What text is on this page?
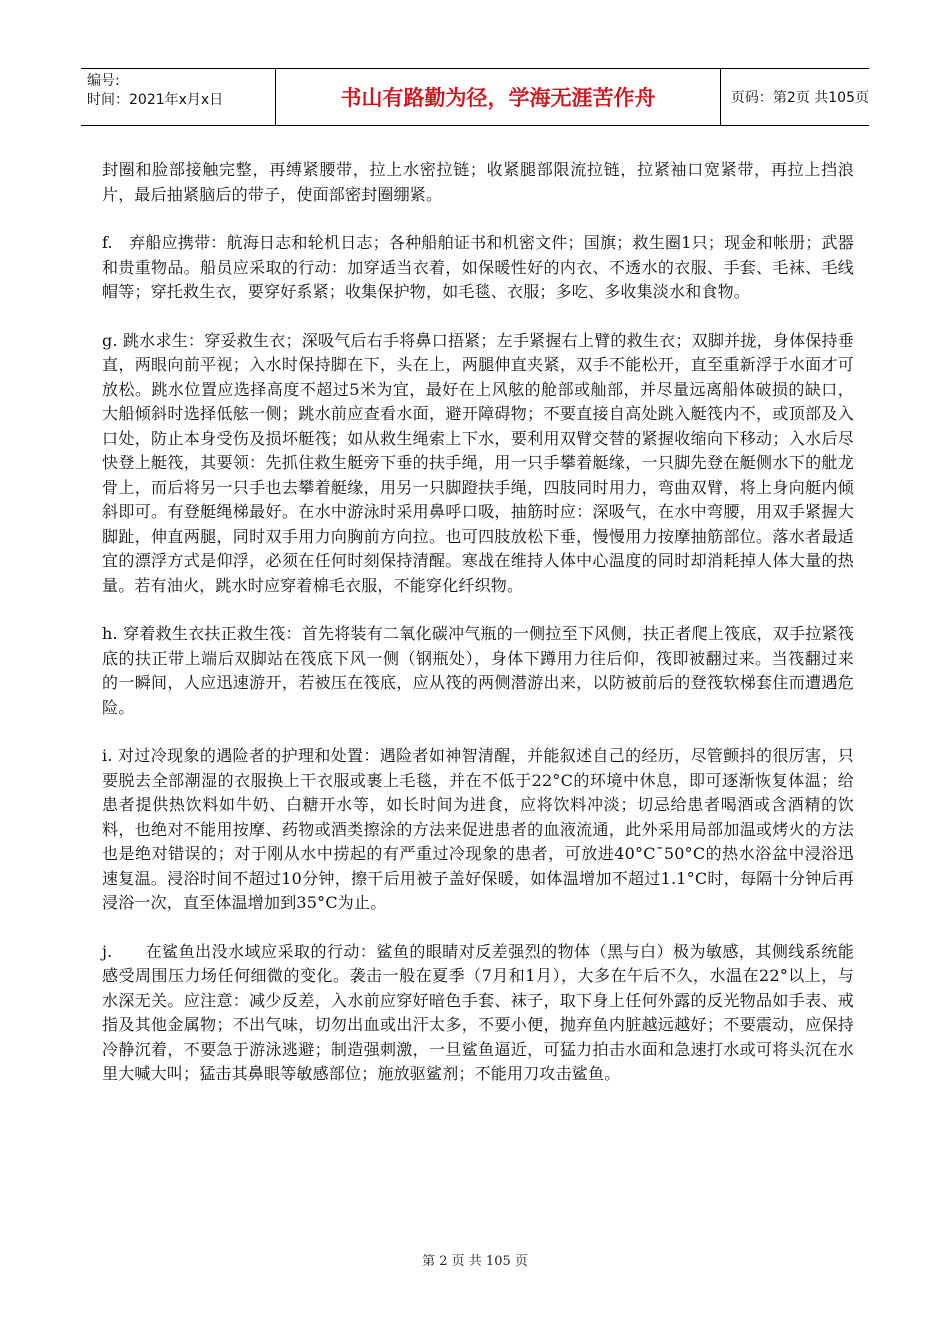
编号:
时间：2021年x月x日	书山有路勤为径，学海无涯苦作舟	页码：第2页 共105页

封圈和脸部接触完整，再缚紧腰带，拉上水密拉链；收紧腿部限流拉链，拉紧袖口宽紧带，再拉上挡浪片，最后抽紧脑后的带子，使面部密封圈绷紧。

f.　弃船应携带：航海日志和轮机日志；各种船舶证书和机密文件；国旗；救生圈1只；现金和帐册；武器和贵重物品。船员应采取的行动：加穿适当衣着，如保暖性好的内衣、不透水的衣服、手套、毛袜、毛线帽等；穿托救生衣，要穿好系紧；收集保护物，如毛毯、衣服；多吃、多收集淡水和食物。

g. 跳水求生：穿妥救生衣；深吸气后右手将鼻口捂紧；左手紧握右上臂的救生衣；双脚并拢，身体保持垂直，两眼向前平视；入水时保持脚在下，头在上，两腿伸直夹紧，双手不能松开，直至重新浮于水面才可放松。跳水位置应选择高度不超过5米为宜，最好在上风舷的舱部或舢部，并尽量远离船体破损的缺口，大船倾斜时选择低舷一侧；跳水前应查看水面，避开障碍物；不要直接自高处跳入艇筏内不，或顶部及入口处，防止本身受伤及损坏艇筏；如从救生绳索上下水，要利用双臂交替的紧握收缩向下移动；入水后尽快登上艇筏，其要领：先抓住救生艇旁下垂的扶手绳，用一只手攀着艇缘，一只脚先登在艇侧水下的舭龙骨上，而后将另一只手也去攀着艇缘，用另一只脚蹬扶手绳，四肢同时用力，弯曲双臂，将上身向艇内倾斜即可。有登艇绳梯最好。在水中游泳时采用鼻呼口吸，抽筋时应：深吸气，在水中弯腰，用双手紧握大脚趾，伸直两腿，同时双手用力向胸前方向拉。也可四肢放松下垂，慢慢用力按摩抽筋部位。落水者最适宜的漂浮方式是仰浮，必须在任何时刻保持清醒。寒战在维持人体中心温度的同时却消耗掉人体大量的热量。若有油火，跳水时应穿着棉毛衣服，不能穿化纤织物。

h. 穿着救生衣扶正救生筏：首先将装有二氧化碳冲气瓶的一侧拉至下风侧，扶正者爬上筏底，双手拉紧筏底的扶正带上端后双脚站在筏底下风一侧（钢瓶处），身体下蹲用力往后仰，筏即被翻过来。当筏翻过来的一瞬间，人应迅速游开，若被压在筏底，应从筏的两侧潜游出来，以防被前后的登筏软梯套住而遭遇危险。

i. 对过冷现象的遇险者的护理和处置：遇险者如神智清醒，并能叙述自己的经历，尽管颤抖的很厉害，只要脱去全部潮湿的衣服换上干衣服或裹上毛毯，并在不低于22°C的环境中休息，即可逐渐恢复体温；给患者提供热饮料如牛奶、白糖开水等，如长时间为进食，应将饮料冲淡；切忌给患者喝酒或含酒精的饮料，也绝对不能用按摩、药物或酒类擦涂的方法来促进患者的血液流通，此外采用局部加温或烤火的方法也是绝对错误的；对于刚从水中捞起的有严重过冷现象的患者，可放进40°C¯50°C的热水浴盆中浸浴迅速复温。浸浴时间不超过10分钟，擦干后用被子盖好保暖，如体温增加不超过1.1°C时，每隔十分钟后再浸浴一次，直至体温增加到35°C为止。

j.　　在鲨鱼出没水域应采取的行动：鲨鱼的眼睛对反差强烈的物体（黑与白）极为敏感，其侧线系统能感受周围压力场任何细微的变化。袭击一般在夏季（7月和1月），大多在午后不久，水温在22°以上，与水深无关。应注意：减少反差，入水前应穿好暗色手套、袜子，取下身上任何外露的反光物品如手表、戒指及其他金属物；不出气味，切勿出血或出汗太多，不要小便，抛弃鱼内脏越远越好；不要震动，应保持冷静沉着，不要急于游泳逃避；制造强刺激，一旦鲨鱼逼近，可猛力拍击水面和急速打水或可将头沉在水里大喊大叫；猛击其鼻眼等敏感部位；施放驱鲨剂；不能用刀攻击鲨鱼。

第 2 页 共 105 页
